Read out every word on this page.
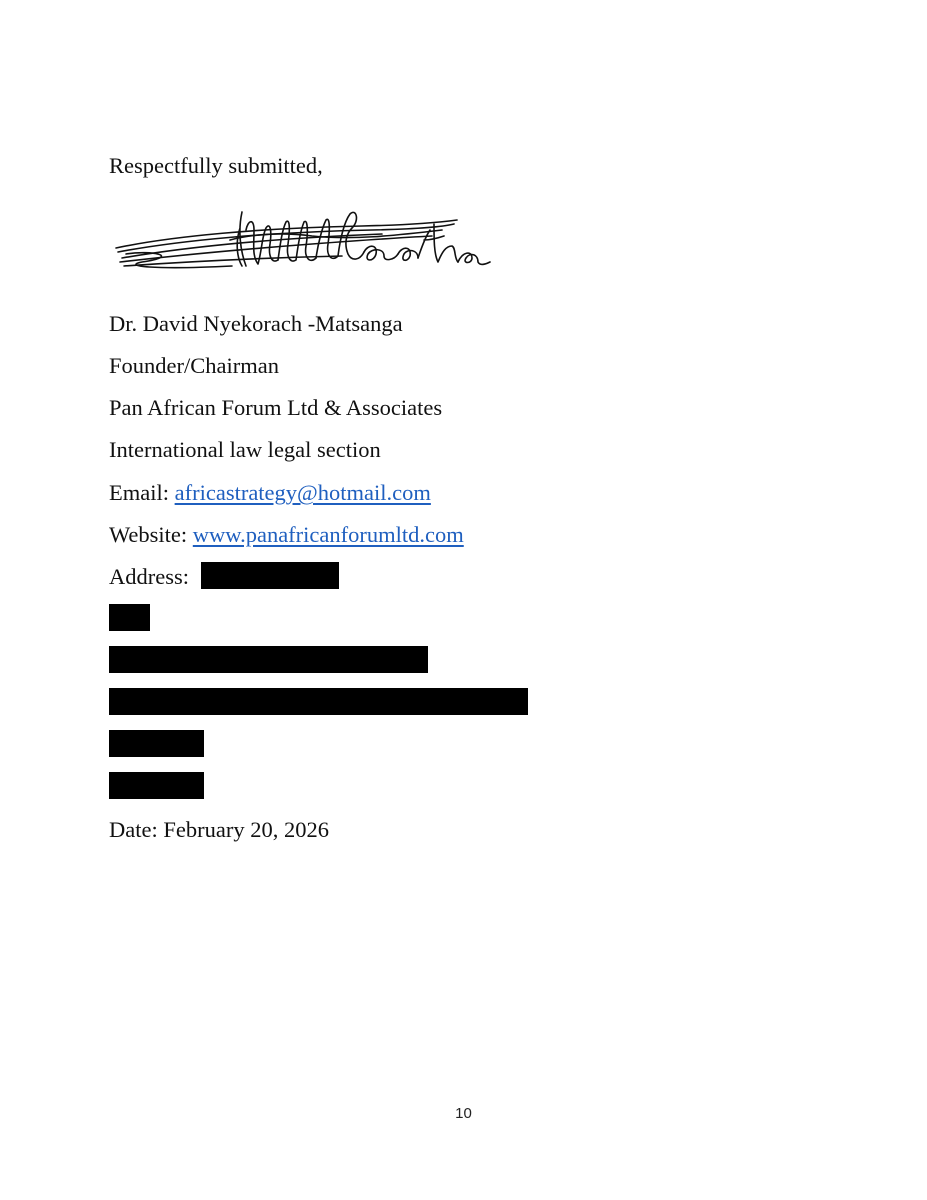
Respectfully submitted,
Dr. David Nyekorach -Matsanga
Founder/Chairman
Pan African Forum Ltd & Associates
International law legal section
Email: africastrategy@hotmail.com
Website: www.panafricanforumltd.com
Address:
Date: February 20, 2026
10
